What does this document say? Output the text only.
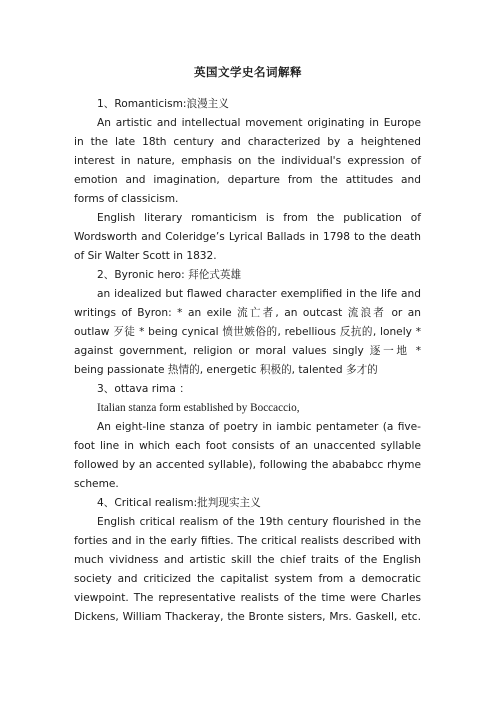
英国文学史名词解释

1、Romanticism:浪漫主义

An artistic and intellectual movement originating in Europe in the late 18th century and characterized by a heightened interest in nature, emphasis on the individual's expression of emotion and imagination, departure from the attitudes and forms of classicism.

English literary romanticism is from the publication of Wordsworth and Coleridge’s Lyrical Ballads in 1798 to the death of Sir Walter Scott in 1832.

2、Byronic hero: 拜伦式英雄

an idealized but flawed character exemplified in the life and writings of Byron: * an exile 流亡者, an outcast 流浪者 or an outlaw 歹徒 * being cynical 愤世嫉俗的, rebellious 反抗的, lonely * against government, religion or moral values singly 逐一地 * being passionate 热情的, energetic 积极的, talented 多才的

3、ottava rima ：

Italian stanza form established by Boccaccio,

An eight-line stanza of poetry in iambic pentameter (a five-foot line in which each foot consists of an unaccented syllable followed by an accented syllable), following the abababcc rhyme scheme.

4、Critical realism:批判现实主义

English critical realism of the 19th century flourished in the forties and in the early fifties. The critical realists described with much vividness and artistic skill the chief traits of the English society and criticized the capitalist system from a democratic viewpoint. The representative realists of the time were Charles Dickens, William Thackeray, the Bronte sisters, Mrs. Gaskell, etc.
